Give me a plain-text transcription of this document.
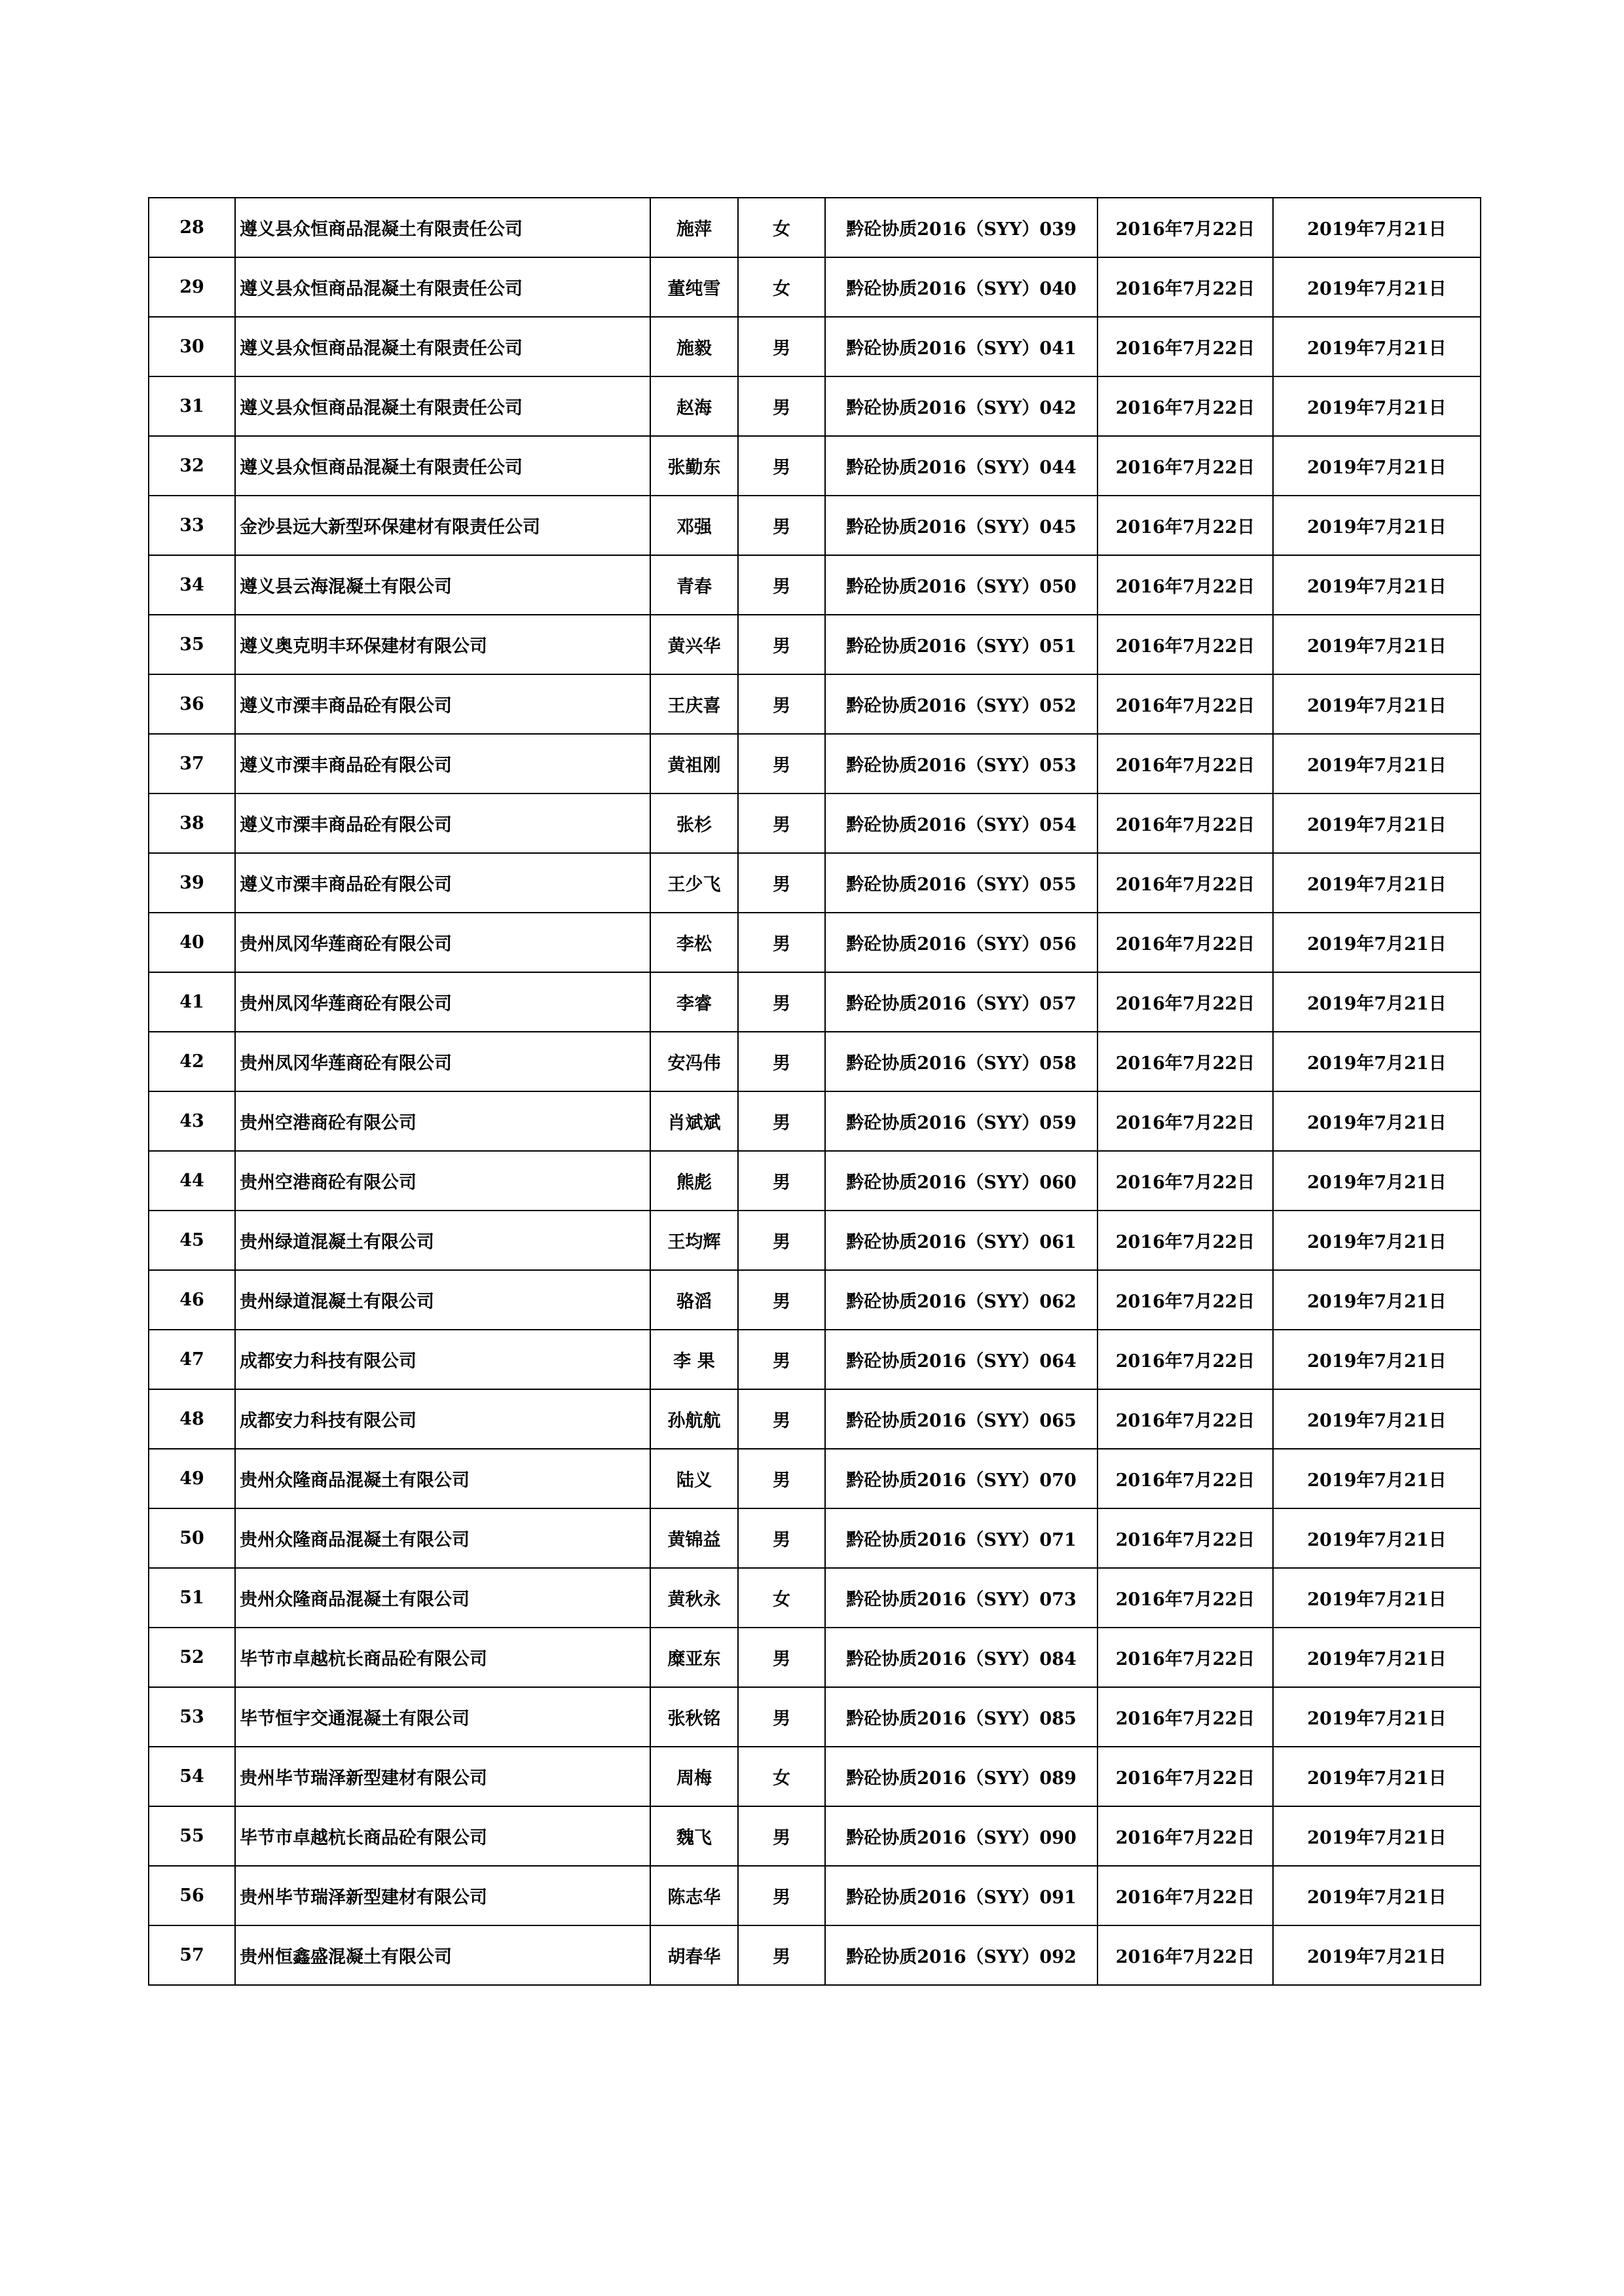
28	遵义县众恒商品混凝土有限责任公司	施萍	女	黔砼协质2016（SYY）039	2016年7月22日	2019年7月21日
29	遵义县众恒商品混凝土有限责任公司	董纯雪	女	黔砼协质2016（SYY）040	2016年7月22日	2019年7月21日
30	遵义县众恒商品混凝土有限责任公司	施毅	男	黔砼协质2016（SYY）041	2016年7月22日	2019年7月21日
31	遵义县众恒商品混凝土有限责任公司	赵海	男	黔砼协质2016（SYY）042	2016年7月22日	2019年7月21日
32	遵义县众恒商品混凝土有限责任公司	张勤东	男	黔砼协质2016（SYY）044	2016年7月22日	2019年7月21日
33	金沙县远大新型环保建材有限责任公司	邓强	男	黔砼协质2016（SYY）045	2016年7月22日	2019年7月21日
34	遵义县云海混凝土有限公司	青春	男	黔砼协质2016（SYY）050	2016年7月22日	2019年7月21日
35	遵义奥克明丰环保建材有限公司	黄兴华	男	黔砼协质2016（SYY）051	2016年7月22日	2019年7月21日
36	遵义市溧丰商品砼有限公司	王庆喜	男	黔砼协质2016（SYY）052	2016年7月22日	2019年7月21日
37	遵义市溧丰商品砼有限公司	黄祖刚	男	黔砼协质2016（SYY）053	2016年7月22日	2019年7月21日
38	遵义市溧丰商品砼有限公司	张杉	男	黔砼协质2016（SYY）054	2016年7月22日	2019年7月21日
39	遵义市溧丰商品砼有限公司	王少飞	男	黔砼协质2016（SYY）055	2016年7月22日	2019年7月21日
40	贵州凤冈华莲商砼有限公司	李松	男	黔砼协质2016（SYY）056	2016年7月22日	2019年7月21日
41	贵州凤冈华莲商砼有限公司	李睿	男	黔砼协质2016（SYY）057	2016年7月22日	2019年7月21日
42	贵州凤冈华莲商砼有限公司	安冯伟	男	黔砼协质2016（SYY）058	2016年7月22日	2019年7月21日
43	贵州空港商砼有限公司	肖斌斌	男	黔砼协质2016（SYY）059	2016年7月22日	2019年7月21日
44	贵州空港商砼有限公司	熊彪	男	黔砼协质2016（SYY）060	2016年7月22日	2019年7月21日
45	贵州绿道混凝土有限公司	王均辉	男	黔砼协质2016（SYY）061	2016年7月22日	2019年7月21日
46	贵州绿道混凝土有限公司	骆滔	男	黔砼协质2016（SYY）062	2016年7月22日	2019年7月21日
47	成都安力科技有限公司	李 果	男	黔砼协质2016（SYY）064	2016年7月22日	2019年7月21日
48	成都安力科技有限公司	孙航航	男	黔砼协质2016（SYY）065	2016年7月22日	2019年7月21日
49	贵州众隆商品混凝土有限公司	陆义	男	黔砼协质2016（SYY）070	2016年7月22日	2019年7月21日
50	贵州众隆商品混凝土有限公司	黄锦益	男	黔砼协质2016（SYY）071	2016年7月22日	2019年7月21日
51	贵州众隆商品混凝土有限公司	黄秋永	女	黔砼协质2016（SYY）073	2016年7月22日	2019年7月21日
52	毕节市卓越杭长商品砼有限公司	糜亚东	男	黔砼协质2016（SYY）084	2016年7月22日	2019年7月21日
53	毕节恒宇交通混凝土有限公司	张秋铭	男	黔砼协质2016（SYY）085	2016年7月22日	2019年7月21日
54	贵州毕节瑞泽新型建材有限公司	周梅	女	黔砼协质2016（SYY）089	2016年7月22日	2019年7月21日
55	毕节市卓越杭长商品砼有限公司	魏飞	男	黔砼协质2016（SYY）090	2016年7月22日	2019年7月21日
56	贵州毕节瑞泽新型建材有限公司	陈志华	男	黔砼协质2016（SYY）091	2016年7月22日	2019年7月21日
57	贵州恒鑫盛混凝土有限公司	胡春华	男	黔砼协质2016（SYY）092	2016年7月22日	2019年7月21日
